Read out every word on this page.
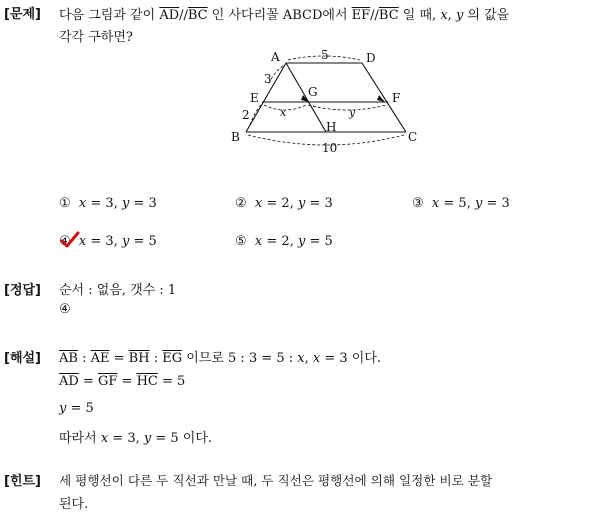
[문제] 다음 그림과 같이 $\overline{AD}//\overline{BC}$ 인 사다리꼴 ABCD에서 $\overline{EF}//\overline{BC}$ 일 때, x, y 의 값을
각각 구하면?
A	D
E	G	F
B
H
C
5
3
2
10
x	y
① x = 3, y = 3	② x = 2, y = 3	③ x = 5, y = 3
④ x = 3, y = 5	⑤ x = 2, y = 5
[정답] 순서 : 없음, 갯수 : 1
④
[해설] $\overline{AB}$ : $\overline{AE} = \overline{BH}$ : $\overline{EG}$ 이므로 5 : 3 = 5 : x, x = 3 이다.
$\overline{AD} = \overline{GF} = \overline{HC} = 5$
y = 5
따라서 x = 3, y = 5 이다.
[힌트] 세 평행선이 다른 두 직선과 만날 때, 두 직선은 평행선에 의해 일정한 비로 분할
된다.
